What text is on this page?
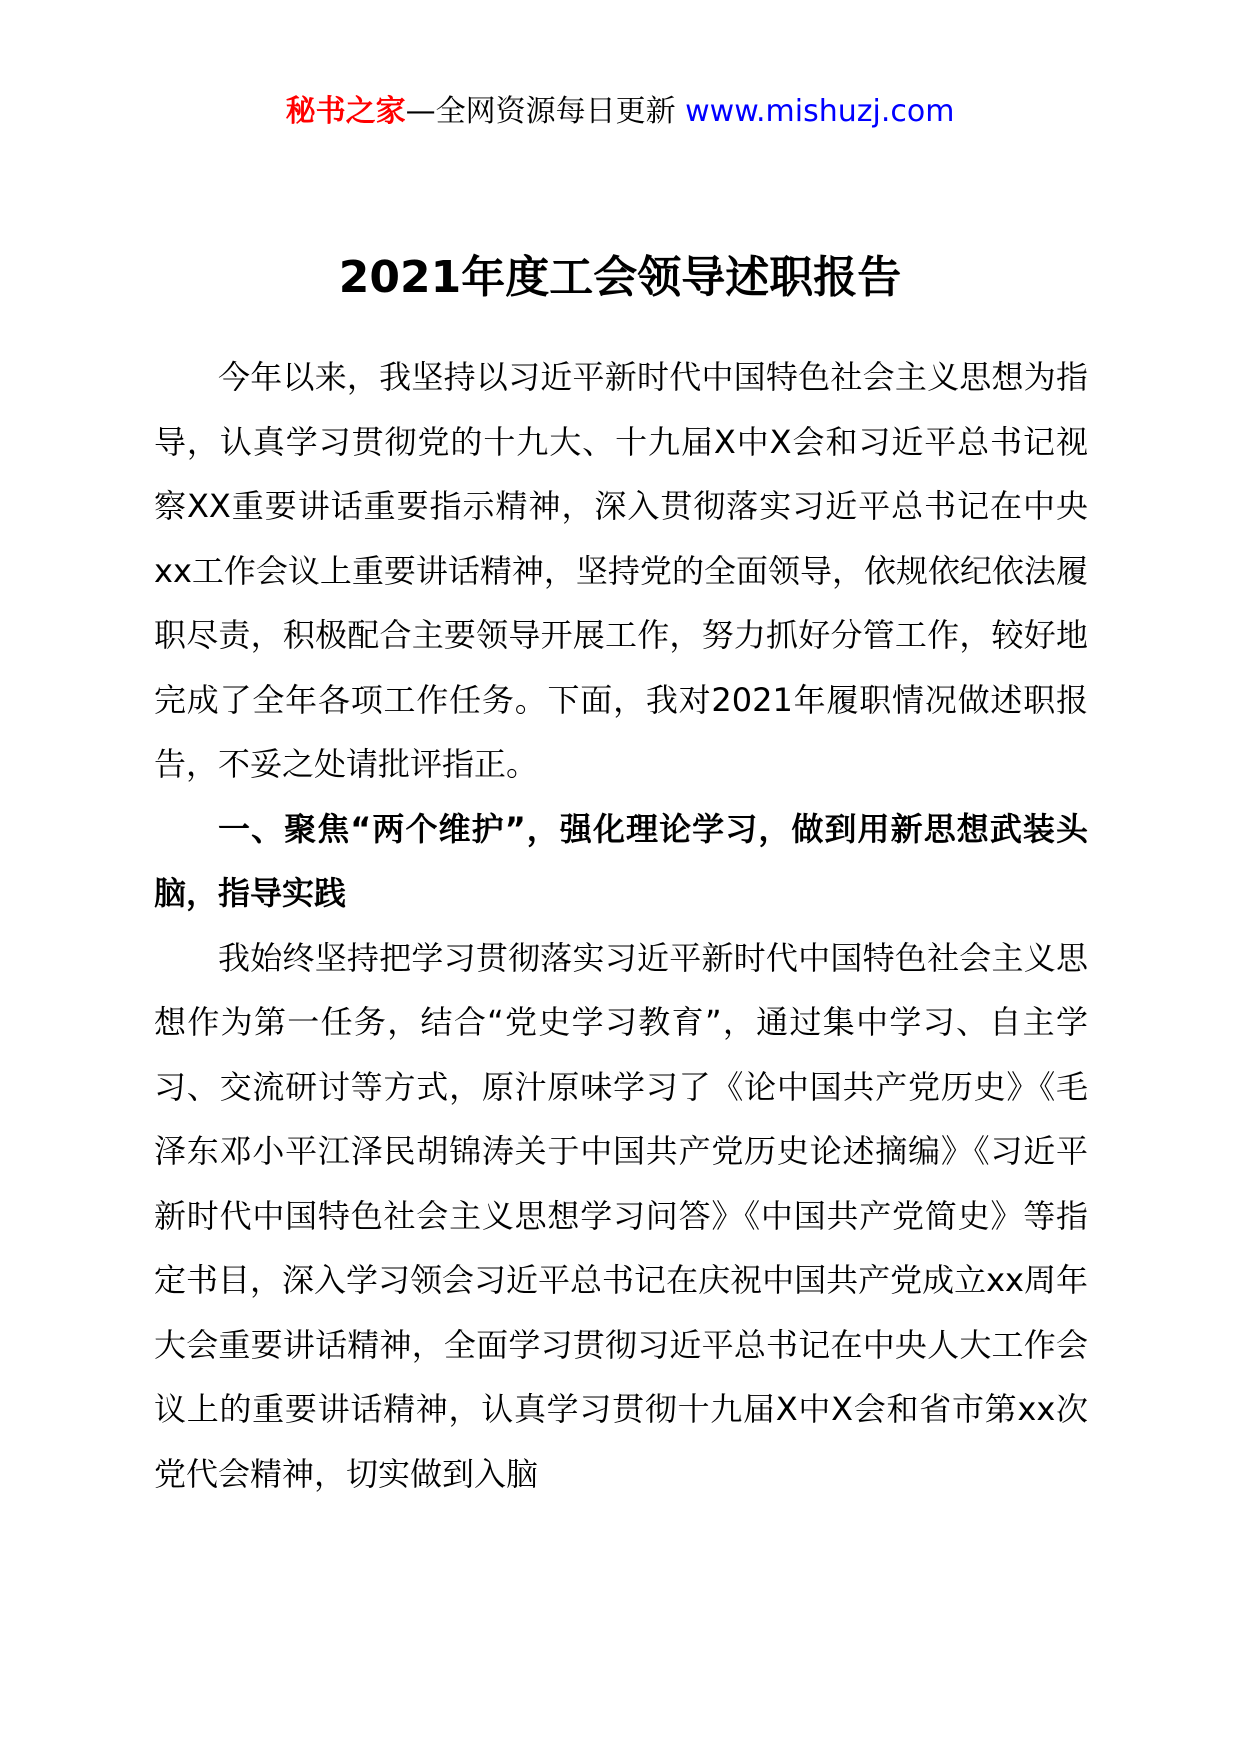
秘书之家—全网资源每日更新 www.mishuzj.com
2021年度工会领导述职报告

今年以来，我坚持以习近平新时代中国特色社会主义思想为指导，认真学习贯彻党的十九大、十九届X中X会和习近平总书记视察XX重要讲话重要指示精神，深入贯彻落实习近平总书记在中央xx工作会议上重要讲话精神，坚持党的全面领导，依规依纪依法履职尽责，积极配合主要领导开展工作，努力抓好分管工作，较好地完成了全年各项工作任务。下面，我对2021年履职情况做述职报告，不妥之处请批评指正。

一、聚焦“两个维护”，强化理论学习，做到用新思想武装头脑，指导实践

我始终坚持把学习贯彻落实习近平新时代中国特色社会主义思想作为第一任务，结合“党史学习教育”，通过集中学习、自主学习、交流研讨等方式，原汁原味学习了《论中国共产党历史》《毛泽东邓小平江泽民胡锦涛关于中国共产党历史论述摘编》《习近平新时代中国特色社会主义思想学习问答》《中国共产党简史》等指定书目，深入学习领会习近平总书记在庆祝中国共产党成立xx周年大会重要讲话精神，全面学习贯彻习近平总书记在中央人大工作会议上的重要讲话精神，认真学习贯彻十九届X中X会和省市第xx次党代会精神，切实做到入脑
